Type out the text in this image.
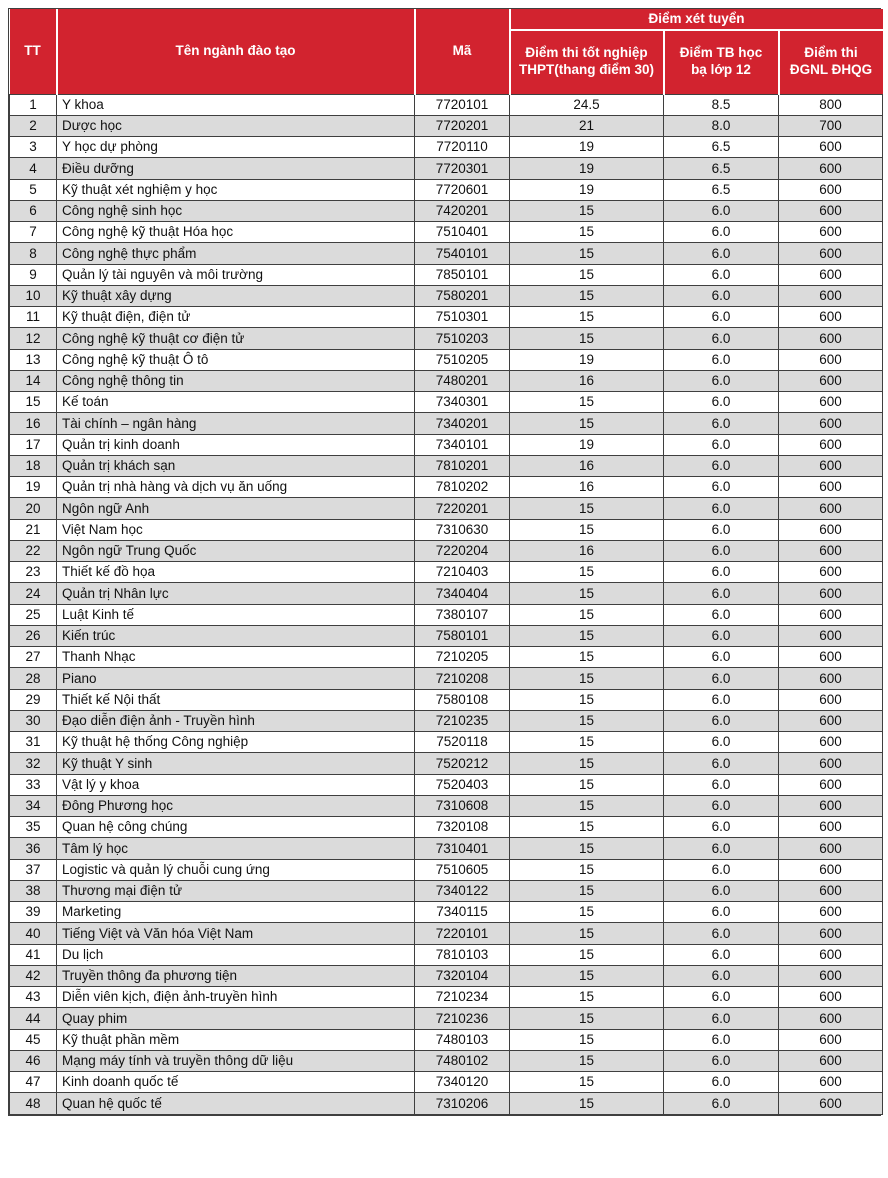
TT	Tên ngành đào tạo	Mã	Điểm xét tuyển		
			Điểm thi tốt nghiệp THPT(thang điểm 30)	Điểm TB học bạ lớp 12	Điểm thi ĐGNL ĐHQG
1	Y khoa	7720101	24.5	8.5	800
2	Dược học	7720201	21	8.0	700
3	Y học dự phòng	7720110	19	6.5	600
4	Điều dưỡng	7720301	19	6.5	600
5	Kỹ thuật xét nghiệm y học	7720601	19	6.5	600
6	Công nghệ sinh học	7420201	15	6.0	600
7	Công nghệ kỹ thuật Hóa học	7510401	15	6.0	600
8	Công nghệ thực phẩm	7540101	15	6.0	600
9	Quản lý tài nguyên và môi trường	7850101	15	6.0	600
10	Kỹ thuật xây dựng	7580201	15	6.0	600
11	Kỹ thuật điện, điện tử	7510301	15	6.0	600
12	Công nghệ kỹ thuật cơ điện tử	7510203	15	6.0	600
13	Công nghệ kỹ thuật Ô tô	7510205	19	6.0	600
14	Công nghệ thông tin	7480201	16	6.0	600
15	Kế toán	7340301	15	6.0	600
16	Tài chính – ngân hàng	7340201	15	6.0	600
17	Quản trị kinh doanh	7340101	19	6.0	600
18	Quản trị khách sạn	7810201	16	6.0	600
19	Quản trị nhà hàng và dịch vụ ăn uống	7810202	16	6.0	600
20	Ngôn ngữ Anh	7220201	15	6.0	600
21	Việt Nam học	7310630	15	6.0	600
22	Ngôn ngữ Trung Quốc	7220204	16	6.0	600
23	Thiết kế đồ họa	7210403	15	6.0	600
24	Quản trị Nhân lực	7340404	15	6.0	600
25	Luật Kinh tế	7380107	15	6.0	600
26	Kiến trúc	7580101	15	6.0	600
27	Thanh Nhạc	7210205	15	6.0	600
28	Piano	7210208	15	6.0	600
29	Thiết kế Nội thất	7580108	15	6.0	600
30	Đạo diễn điện ảnh - Truyền hình	7210235	15	6.0	600
31	Kỹ thuật hệ thống Công nghiệp	7520118	15	6.0	600
32	Kỹ thuật Y sinh	7520212	15	6.0	600
33	Vật lý y khoa	7520403	15	6.0	600
34	Đông Phương học	7310608	15	6.0	600
35	Quan hệ công chúng	7320108	15	6.0	600
36	Tâm lý học	7310401	15	6.0	600
37	Logistic và quản lý chuỗi cung ứng	7510605	15	6.0	600
38	Thương mại điện tử	7340122	15	6.0	600
39	Marketing	7340115	15	6.0	600
40	Tiếng Việt và Văn hóa Việt Nam	7220101	15	6.0	600
41	Du lịch	7810103	15	6.0	600
42	Truyền thông đa phương tiện	7320104	15	6.0	600
43	Diễn viên kịch, điện ảnh-truyền hình	7210234	15	6.0	600
44	Quay phim	7210236	15	6.0	600
45	Kỹ thuật phần mềm	7480103	15	6.0	600
46	Mạng máy tính và truyền thông dữ liệu	7480102	15	6.0	600
47	Kinh doanh quốc tế	7340120	15	6.0	600
48	Quan hệ quốc tế	7310206	15	6.0	600
